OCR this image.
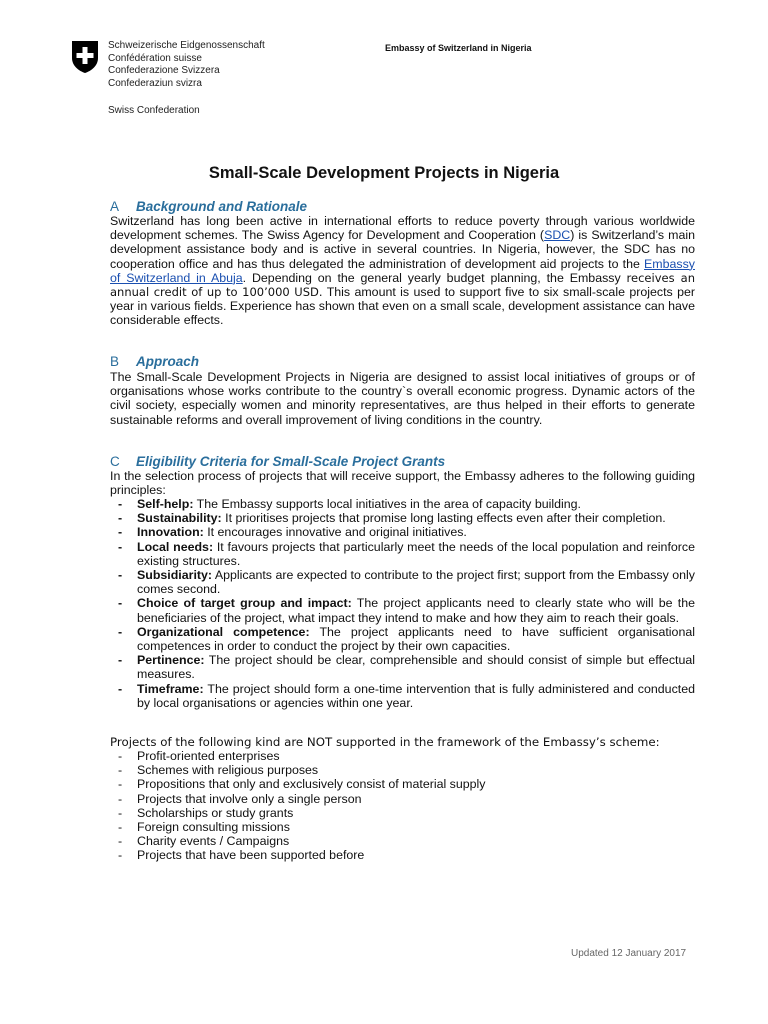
Schweizerische Eidgenossenschaft
Confédération suisse
Confederazione Svizzera
Confederaziun svizra
Swiss Confederation
Embassy of Switzerland in Nigeria
Small-Scale Development Projects in Nigeria
A Background and Rationale
Switzerland has long been active in international efforts to reduce poverty through various worldwide development schemes. The Swiss Agency for Development and Cooperation (SDC) is Switzerland’s main development assistance body and is active in several countries. In Nigeria, however, the SDC has no cooperation office and has thus delegated the administration of development aid projects to the Embassy of Switzerland in Abuja. Depending on the general yearly budget planning, the Embassy receives an annual credit of up to 100’000 USD. This amount is used to support five to six small-scale projects per year in various fields. Experience has shown that even on a small scale, development assistance can have considerable effects.
B Approach
The Small-Scale Development Projects in Nigeria are designed to assist local initiatives of groups or of organisations whose works contribute to the country`s overall economic progress. Dynamic actors of the civil society, especially women and minority representatives, are thus helped in their efforts to generate sustainable reforms and overall improvement of living conditions in the country.
C Eligibility Criteria for Small-Scale Project Grants
In the selection process of projects that will receive support, the Embassy adheres to the following guiding principles:
- Self-help: The Embassy supports local initiatives in the area of capacity building.
- Sustainability: It prioritises projects that promise long lasting effects even after their completion.
- Innovation: It encourages innovative and original initiatives.
- Local needs: It favours projects that particularly meet the needs of the local population and reinforce existing structures.
- Subsidiarity: Applicants are expected to contribute to the project first; support from the Embassy only comes second.
- Choice of target group and impact: The project applicants need to clearly state who will be the beneficiaries of the project, what impact they intend to make and how they aim to reach their goals.
- Organizational competence: The project applicants need to have sufficient organisational competences in order to conduct the project by their own capacities.
- Pertinence: The project should be clear, comprehensible and should consist of simple but effectual measures.
- Timeframe: The project should form a one-time intervention that is fully administered and conducted by local organisations or agencies within one year.
Projects of the following kind are NOT supported in the framework of the Embassy’s scheme:
- Profit-oriented enterprises
- Schemes with religious purposes
- Propositions that only and exclusively consist of material supply
- Projects that involve only a single person
- Scholarships or study grants
- Foreign consulting missions
- Charity events / Campaigns
- Projects that have been supported before
Updated 12 January 2017
